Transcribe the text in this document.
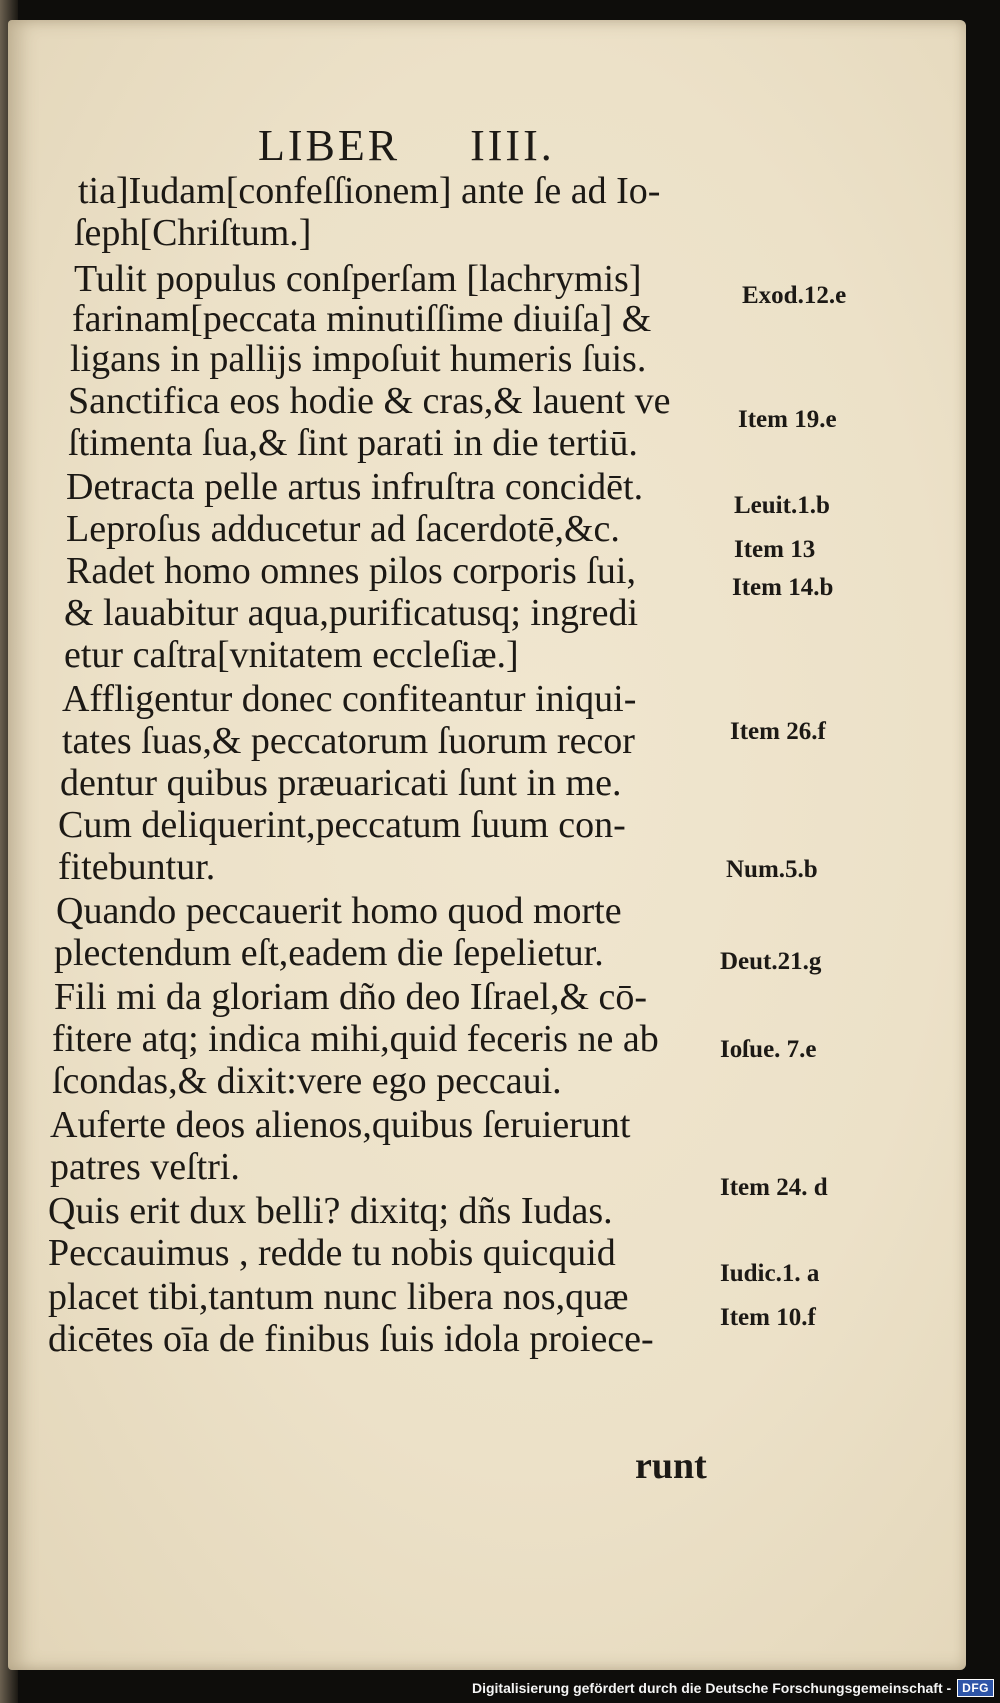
LIBER IIII.

tia]Iudam[confeſſionem] ante ſe ad Io-

ſeph[Chriſtum.]

Tulit populus conſperſam [lachrymis]

farinam[peccata minutiſſime diuiſa] &

ligans in pallijs impoſuit humeris ſuis.

Sanctifica eos hodie & cras,& lauent ve

ſtimenta ſua,& ſint parati in die tertiū.

Detracta pelle artus infruſtra concidēt.

Leproſus adducetur ad ſacerdotē,&c.

Radet homo omnes pilos corporis ſui,

& lauabitur aqua,purificatusq; ingredi

etur caſtra[vnitatem eccleſiæ.]

Affligentur donec confiteantur iniqui-

tates ſuas,& peccatorum ſuorum recor

dentur quibus præuaricati ſunt in me.

Cum deliquerint,peccatum ſuum con-

fitebuntur.

Quando peccauerit homo quod morte

plectendum eſt,eadem die ſepelietur.

Fili mi da gloriam dño deo Iſrael,& cō-

fitere atq; indica mihi,quid feceris ne ab

ſcondas,& dixit:vere ego peccaui.

Auferte deos alienos,quibus ſeruierunt

patres veſtri.

Quis erit dux belli? dixitq; dñs Iudas.

Peccauimus , redde tu nobis quicquid

placet tibi,tantum nunc libera nos,quæ

dicētes oīa de finibus ſuis idola proiece-

runt

Exod.12.e
Item 19.e
Leuit.1.b
Item 13
Item 14.b
Item 26.f
Num.5.b
Deut.21.g
Ioſue. 7.e
Item 24. d
Iudic.1. a
Item 10.f
Digitalisierung gefördert durch die Deutsche Forschungsgemeinschaft - DFG
